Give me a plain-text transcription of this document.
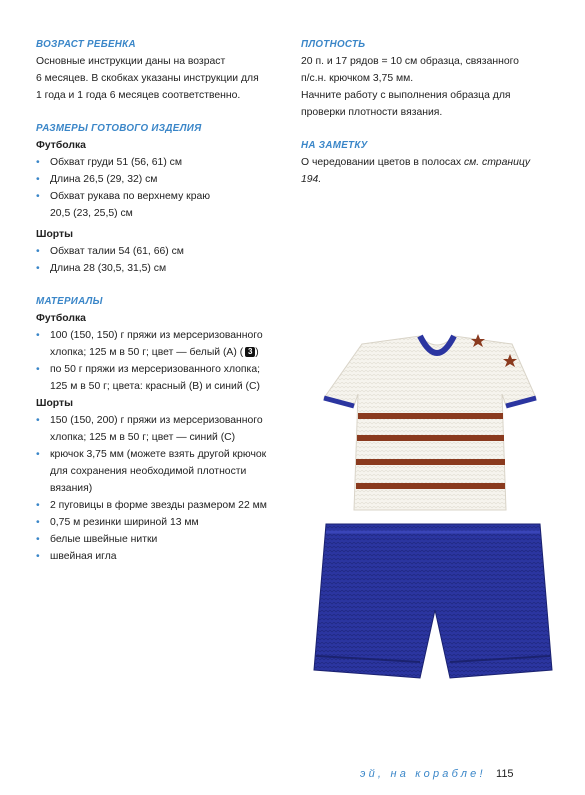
ВОЗРАСТ РЕБЕНКА

Основные инструкции даны на возраст

6 месяцев. В скобках указаны инструкции для

1 года и 1 года 6 месяцев соответственно.

РАЗМЕРЫ ГОТОВОГО ИЗДЕЛИЯ

Футболка

• Обхват груди 51 (56, 61) см
• Длина 26,5 (29, 32) см
• Обхват рукава по верхнему краю

20,5 (23, 25,5) см

Шорты

• Обхват талии 54 (61, 66) см
• Длина 28 (30,5, 31,5) см

МАТЕРИАЛЫ

Футболка

• 100 (150, 150) г пряжи из мерсеризованного

хлопка; 125 м в 50 г; цвет — белый (A) ( 3 )

• по 50 г пряжи из мерсеризованного хлопка;

125 м в 50 г; цвета: красный (B) и синий (C)

Шорты

• 150 (150, 200) г пряжи из мерсеризованного

хлопка; 125 м в 50 г; цвет — синий (C)

• крючок 3,75 мм (можете взять другой крючок

для сохранения необходимой плотности

вязания)

• 2 пуговицы в форме звезды размером 22 мм
• 0,75 м резинки шириной 13 мм
• белые швейные нитки
• швейная игла

ПЛОТНОСТЬ

20 п. и 17 рядов = 10 см образца, связанного

п/с.н. крючком 3,75 мм.

Начните работу с выполнения образца для

проверки плотности вязания.

НА ЗАМЕТКУ

О чередовании цветов в полосах см. страницу

194.

эй, на корабле! 115
